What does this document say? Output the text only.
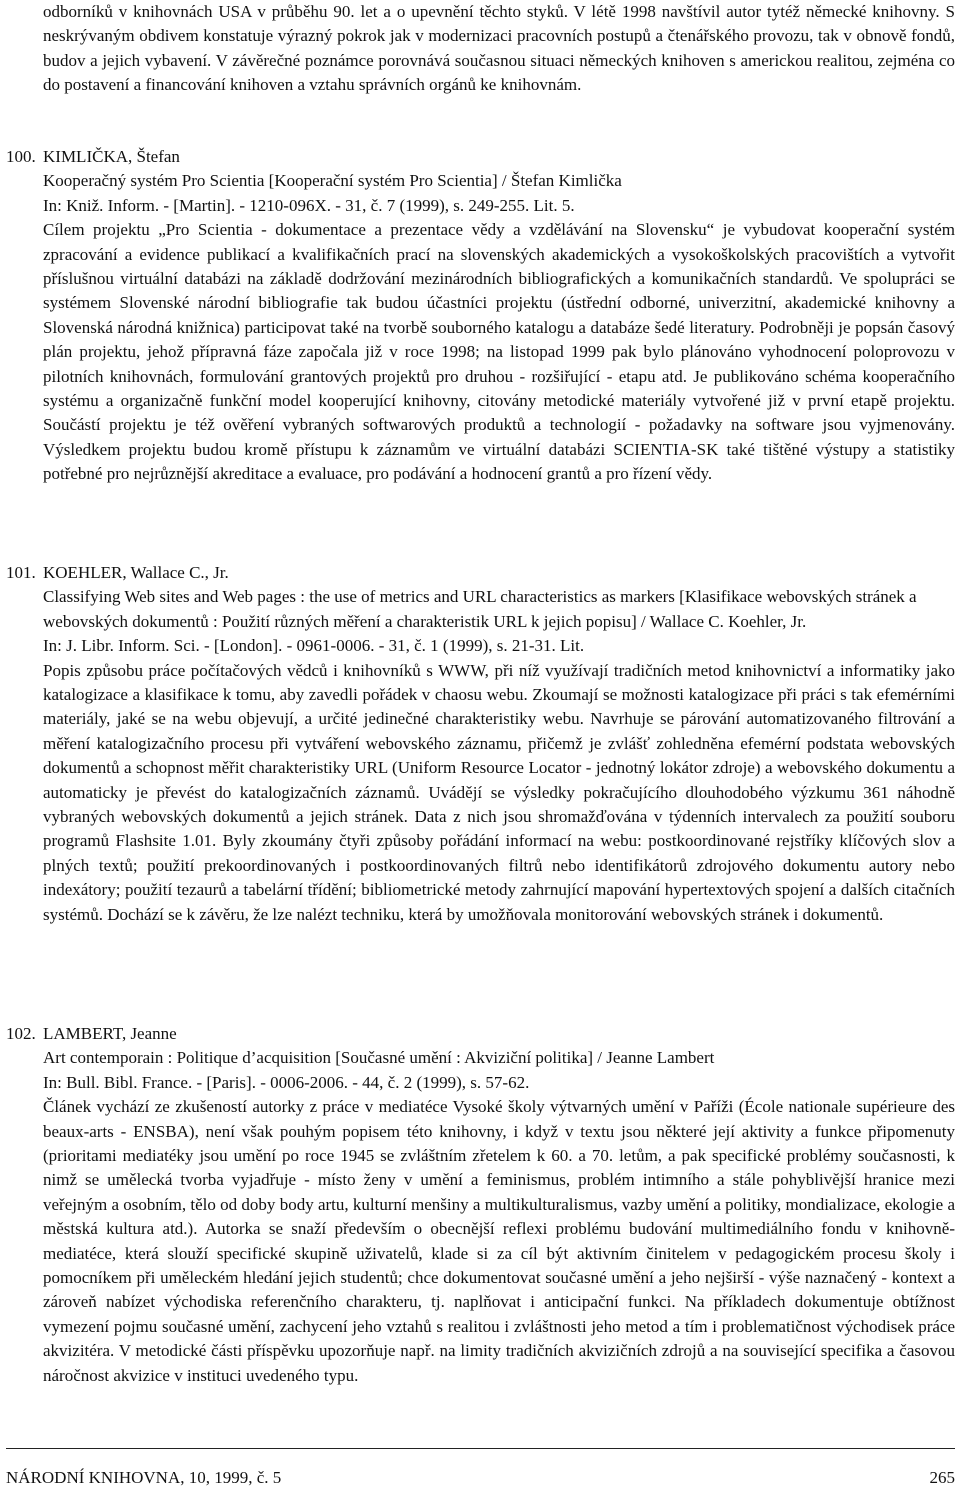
odborníků v knihovnách USA v průběhu 90. let a o upevnění těchto styků. V létě 1998 navštívil autor tytéž německé knihovny. S neskrývaným obdivem konstatuje výrazný pokrok jak v modernizaci pracovních postupů a čtenářského provozu, tak v obnově fondů, budov a jejich vybavení. V závěrečné poznámce porovnává současnou situaci německých knihoven s americkou realitou, zejména co do postavení a financování knihoven a vztahu správních orgánů ke knihovnám.

100. KIMLIČKA, Štefan

Kooperačný systém Pro Scientia [Kooperační systém Pro Scientia] / Štefan Kimlička

In: Kniž. Inform. - [Martin]. - 1210-096X. - 31, č. 7 (1999), s. 249-255. Lit. 5.

Cílem projektu „Pro Scientia - dokumentace a prezentace vědy a vzdělávání na Slovensku“ je vybudovat kooperační systém zpracování a evidence publikací a kvalifikačních prací na slovenských akademických a vysokoškolských pracovištích a vytvořit příslušnou virtuální databázi na základě dodržování mezinárodních bibliografických a komunikačních standardů. Ve spolupráci se systémem Slovenské národní bibliografie tak budou účastníci projektu (ústřední odborné, univerzitní, akademické knihovny a Slovenská národná knižnica) participovat také na tvorbě souborného katalogu a databáze šedé literatury. Podrobněji je popsán časový plán projektu, jehož přípravná fáze započala již v roce 1998; na listopad 1999 pak bylo plánováno vyhodnocení poloprovozu v pilotních knihovnách, formulování grantových projektů pro druhou - rozšiřující - etapu atd. Je publikováno schéma kooperačního systému a organizačně funkční model kooperující knihovny, citovány metodické materiály vytvořené již v první etapě projektu. Součástí projektu je též ověření vybraných softwarových produktů a technologií - požadavky na software jsou vyjmenovány. Výsledkem projektu budou kromě přístupu k záznamům ve virtuální databázi SCIENTIA-SK také tištěné výstupy a statistiky potřebné pro nejrůznější akreditace a evaluace, pro podávání a hodnocení grantů a pro řízení vědy.

101. KOEHLER, Wallace C., Jr.

Classifying Web sites and Web pages : the use of metrics and URL characteristics as markers [Klasifikace webovských stránek a webovských dokumentů : Použití různých měření a charakteristik URL k jejich popisu] / Wallace C. Koehler, Jr.

In: J. Libr. Inform. Sci. - [London]. - 0961-0006. - 31, č. 1 (1999), s. 21-31. Lit.

Popis způsobu práce počítačových vědců i knihovníků s WWW, při níž využívají tradičních metod knihovnictví a informatiky jako katalogizace a klasifikace k tomu, aby zavedli pořádek v chaosu webu. Zkoumají se možnosti katalogizace při práci s tak efemérními materiály, jaké se na webu objevují, a určité jedinečné charakteristiky webu. Navrhuje se párování automatizovaného filtrování a měření katalogizačního procesu při vytváření webovského záznamu, přičemž je zvlášť zohledněna efemérní podstata webovských dokumentů a schopnost měřit charakteristiky URL (Uniform Resource Locator - jednotný lokátor zdroje) a webovského dokumentu a automaticky je převést do katalogizačních záznamů. Uvádějí se výsledky pokračujícího dlouhodobého výzkumu 361 náhodně vybraných webovských dokumentů a jejich stránek. Data z nich jsou shromažďována v týdenních intervalech za použití souboru programů Flashsite 1.01. Byly zkoumány čtyři způsoby pořádání informací na webu: postkoordinované rejstříky klíčových slov a plných textů; použití prekoordinovaných i postkoordinovaných filtrů nebo identifikátorů zdrojového dokumentu autory nebo indexátory; použití tezaurů a tabelární třídění; bibliometrické metody zahrnující mapování hypertextových spojení a dalších citačních systémů. Dochází se k závěru, že lze nalézt techniku, která by umožňovala monitorování webovských stránek i dokumentů.

102. LAMBERT, Jeanne

Art contemporain : Politique d’acquisition [Současné umění : Akviziční politika] / Jeanne Lambert

In: Bull. Bibl. France. - [Paris]. - 0006-2006. - 44, č. 2 (1999), s. 57-62.

Článek vychází ze zkušeností autorky z práce v mediatéce Vysoké školy výtvarných umění v Paříži (École nationale supérieure des beaux-arts - ENSBA), není však pouhým popisem této knihovny, i když v textu jsou některé její aktivity a funkce připomenuty (prioritami mediatéky jsou umění po roce 1945 se zvláštním zřetelem k 60. a 70. letům, a pak specifické problémy současnosti, k nimž se umělecká tvorba vyjadřuje - místo ženy v umění a feminismus, problém intimního a stále pohyblivější hranice mezi veřejným a osobním, tělo od doby body artu, kulturní menšiny a multikulturalismus, vazby umění a politiky, mondializace, ekologie a městská kultura atd.). Autorka se snaží především o obecnější reflexi problému budování multimediálního fondu v knihovně-mediatéce, která slouží specifické skupině uživatelů, klade si za cíl být aktivním činitelem v pedagogickém procesu školy i pomocníkem při uměleckém hledání jejich studentů; chce dokumentovat současné umění a jeho nejširší - výše naznačený - kontext a zároveň nabízet východiska referenčního charakteru, tj. naplňovat i anticipační funkci. Na příkladech dokumentuje obtížnost vymezení pojmu současné umění, zachycení jeho vztahů s realitou i zvláštnosti jeho metod a tím i problematičnost východisek práce akvizitéra. V metodické části příspěvku upozorňuje např. na limity tradičních akvizičních zdrojů a na související specifika a časovou náročnost akvizice v instituci uvedeného typu.

NÁRODNÍ KNIHOVNA, 10, 1999, č. 5	265
